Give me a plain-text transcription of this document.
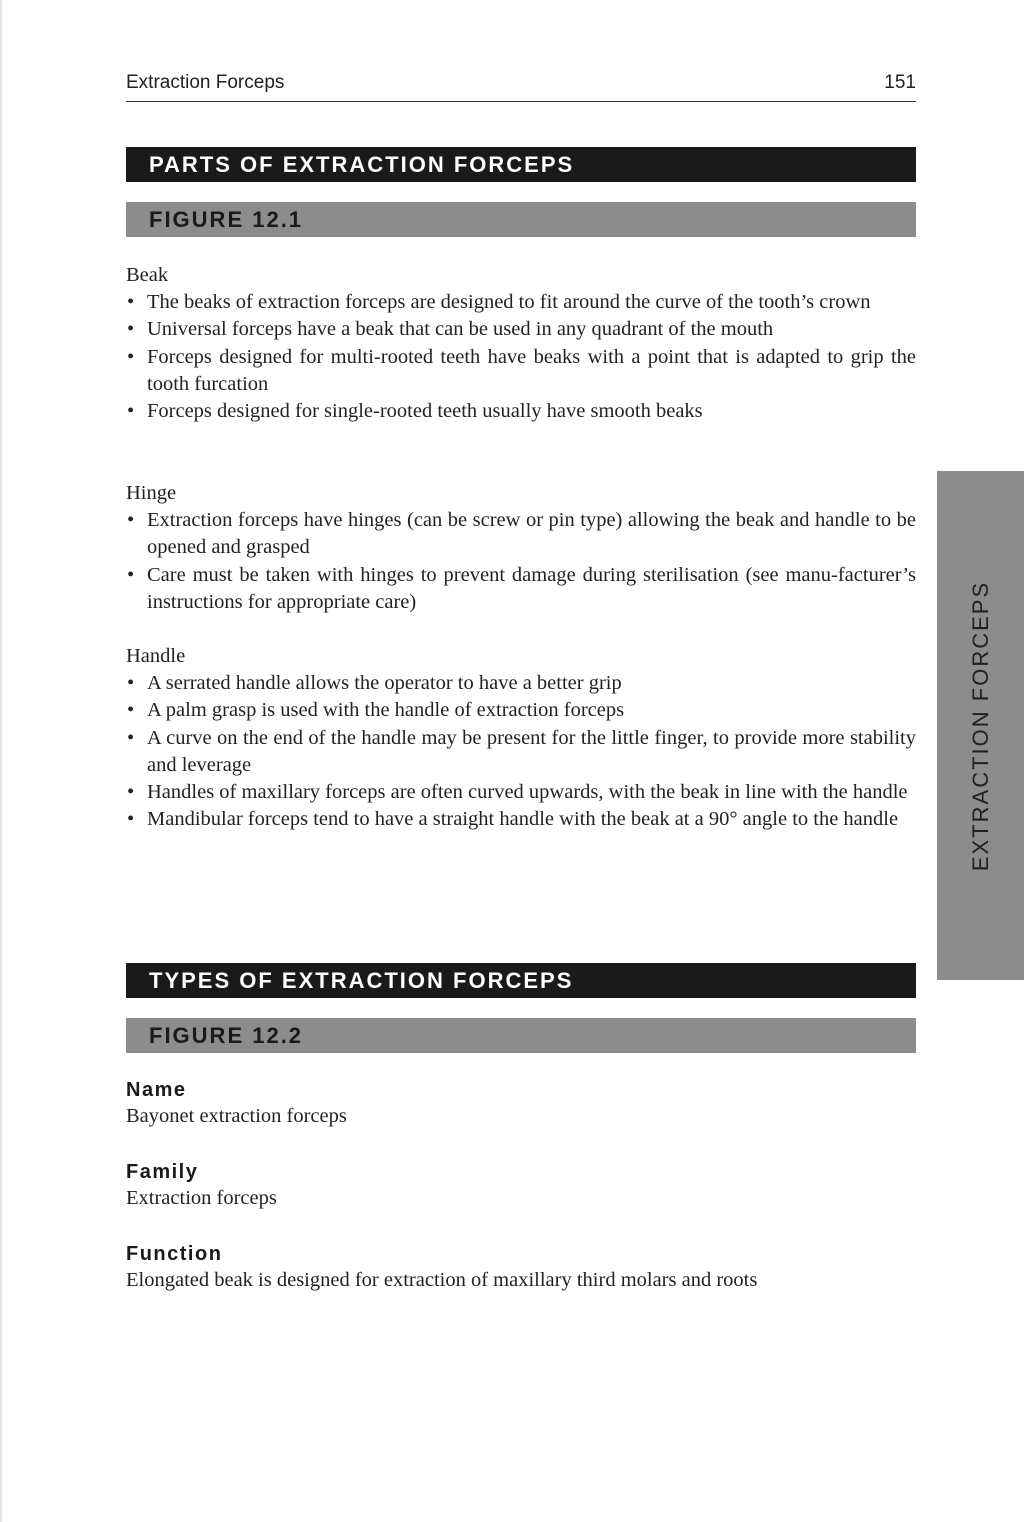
Extraction Forceps	151
PARTS OF EXTRACTION FORCEPS
FIGURE 12.1

Beak

• The beaks of extraction forceps are designed to fit around the curve of the tooth’s crown
• Universal forceps have a beak that can be used in any quadrant of the mouth
• Forceps designed for multi-rooted teeth have beaks with a point that is adapted to grip the tooth furcation
• Forceps designed for single-rooted teeth usually have smooth beaks

Hinge

• Extraction forceps have hinges (can be screw or pin type) allowing the beak and handle to be opened and grasped
• Care must be taken with hinges to prevent damage during sterilisation (see manu-facturer’s instructions for appropriate care)

Handle

• A serrated handle allows the operator to have a better grip
• A palm grasp is used with the handle of extraction forceps
• A curve on the end of the handle may be present for the little finger, to provide more stability and leverage
• Handles of maxillary forceps are often curved upwards, with the beak in line with the handle
• Mandibular forceps tend to have a straight handle with the beak at a 90° angle to the handle	EXTRACTION FORCEPS
TYPES OF EXTRACTION FORCEPS
FIGURE 12.2
Name
Bayonet extraction forceps
Family
Extraction forceps
Function
Elongated beak is designed for extraction of maxillary third molars and roots
